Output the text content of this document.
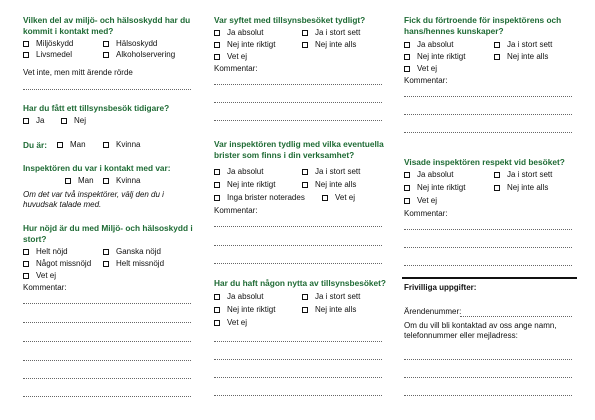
Vilken del av miljö- och hälsoskydd har du kommit i kontakt med?
Miljöskydd	Hälsoskydd
Livsmedel	Alkoholservering
Vet inte, men mitt ärende rörde
Har du fått ett tillsynsbesök tidigare?
Ja	Nej
Du är:	Man	Kvinna
Inspektören du var i kontakt med var:
Man	Kvinna
Om det var två inspektörer, välj den du i huvudsak talade med.
Hur nöjd är du med Miljö- och hälsoskydd i stort?
Helt nöjd	Ganska nöjd
Något missnöjd	Helt missnöjd
Vet ej
Kommentar:
Var syftet med tillsynsbesöket tydligt?
Ja absolut	Ja i stort sett
Nej inte riktigt	Nej inte alls
Vet ej
Kommentar:
Var inspektören tydlig med vilka eventuella brister som finns i din verksamhet?
Ja absolut	Ja i stort sett
Nej inte riktigt	Nej inte alls
Inga brister noterades	Vet ej
Kommentar:
Har du haft någon nytta av tillsynsbesöket?
Ja absolut	Ja i stort sett
Nej inte riktigt	Nej inte alls
Vet ej
Fick du förtroende för inspektörens och hans/hennes kunskaper?
Ja absolut	Ja i stort sett
Nej inte riktigt	Nej inte alls
Vet ej
Kommentar:
Visade inspektören respekt vid besöket?
Ja absolut	Ja i stort sett
Nej inte riktigt	Nej inte alls
Vet ej
Kommentar:
Frivilliga uppgifter:
Ärendenummer:
Om du vill bli kontaktad av oss ange namn, telefonnummer eller mejladress:
